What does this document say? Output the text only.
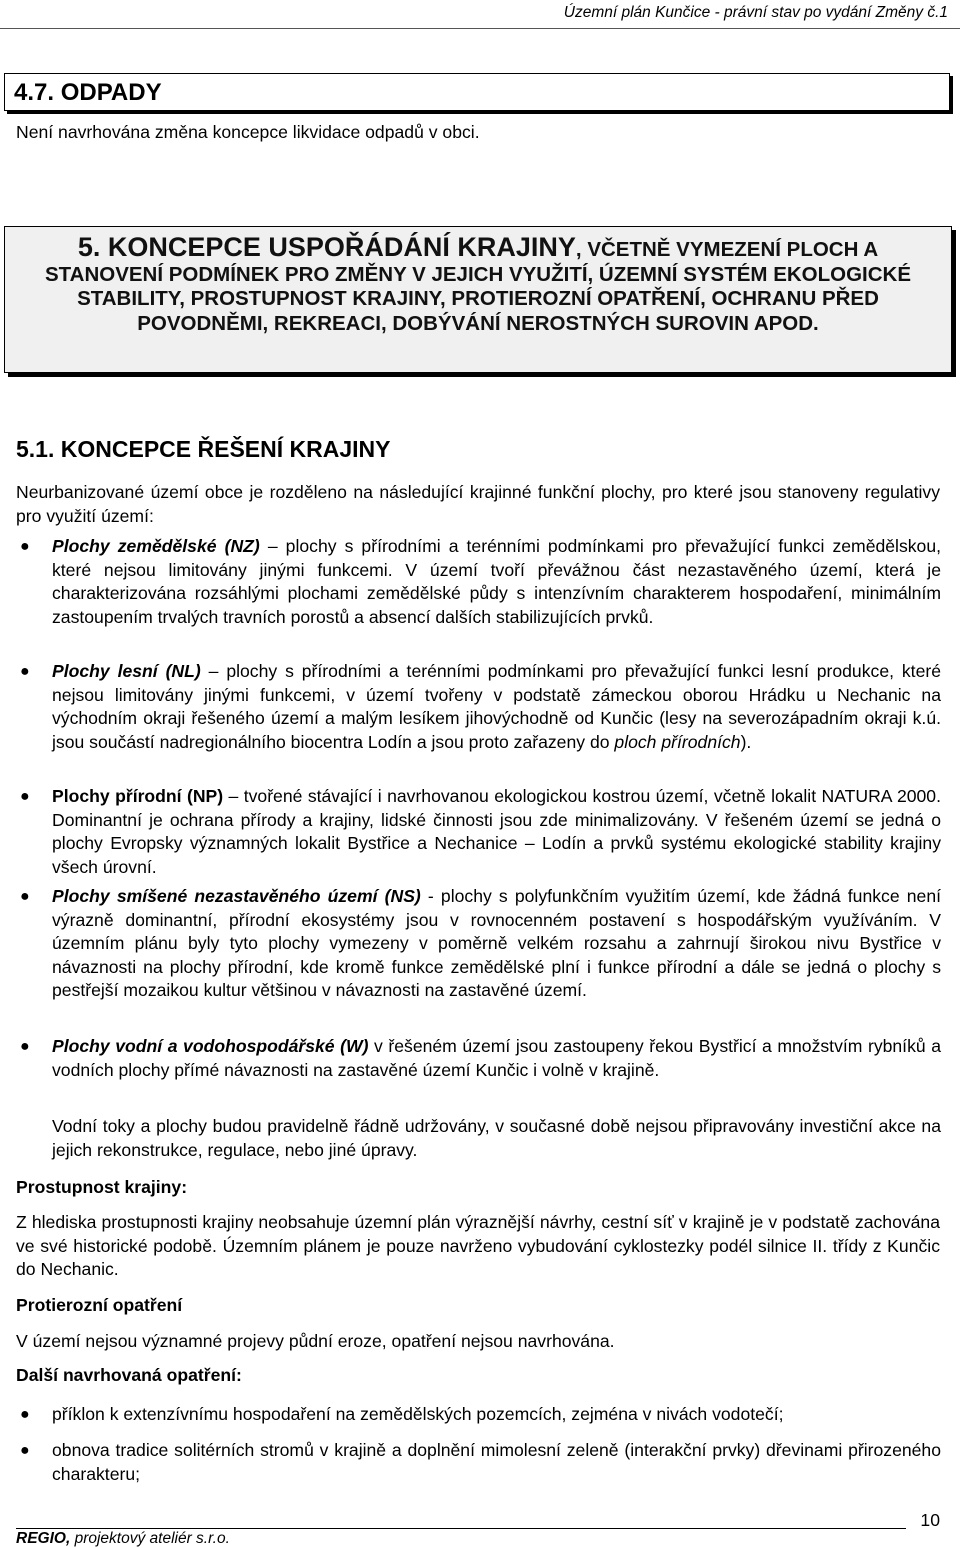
Územní plán Kunčice - právní stav po vydání Změny č.1
4.7. ODPADY
Není navrhována změna koncepce likvidace odpadů v obci.
5. KONCEPCE USPOŘÁDÁNÍ KRAJINY, VČETNĚ VYMEZENÍ PLOCH A STANOVENÍ PODMÍNEK PRO ZMĚNY V JEJICH VYUŽITÍ, ÚZEMNÍ SYSTÉM EKOLOGICKÉ STABILITY, PROSTUPNOST KRAJINY, PROTIEROZNÍ OPATŘENÍ, OCHRANU PŘED POVODNĚMI, REKREACI, DOBÝVÁNÍ NEROSTNÝCH SUROVIN APOD.
5.1. KONCEPCE ŘEŠENÍ KRAJINY
Neurbanizované území obce je rozděleno na následující krajinné funkční plochy, pro které jsou stanoveny regulativy pro využití území:
● Plochy zemědělské (NZ) – plochy s přírodními a terénními podmínkami pro převažující funkci zemědělskou, které nejsou limitovány jinými funkcemi. V území tvoří převážnou část nezastavěného území, která je charakterizována rozsáhlými plochami zemědělské půdy s intenzívním charakterem hospodaření, minimálním zastoupením trvalých travních porostů a absencí dalších stabilizujících prvků.
● Plochy lesní (NL) – plochy s přírodními a terénními podmínkami pro převažující funkci lesní produkce, které nejsou limitovány jinými funkcemi, v území tvořeny v podstatě zámeckou oborou Hrádku u Nechanic na východním okraji řešeného území a malým lesíkem jihovýchodně od Kunčic (lesy na severozápadním okraji k.ú. jsou součástí nadregionálního biocentra Lodín a jsou proto zařazeny do ploch přírodních).
● Plochy přírodní (NP) – tvořené stávající i navrhovanou ekologickou kostrou území, včetně lokalit NATURA 2000. Dominantní je ochrana přírody a krajiny, lidské činnosti jsou zde minimalizovány. V řešeném území se jedná o plochy Evropsky významných lokalit Bystřice a Nechanice – Lodín a prvků systému ekologické stability krajiny všech úrovní.
● Plochy smíšené nezastavěného území (NS) - plochy s polyfunkčním využitím území, kde žádná funkce není výrazně dominantní, přírodní ekosystémy jsou v rovnocenném postavení s hospodářským využíváním. V územním plánu byly tyto plochy vymezeny v poměrně velkém rozsahu a zahrnují širokou nivu Bystřice v návaznosti na plochy přírodní, kde kromě funkce zemědělské plní i funkce přírodní a dále se jedná o plochy s pestřejší mozaikou kultur většinou v návaznosti na zastavěné území.
● Plochy vodní a vodohospodářské (W) v řešeném území jsou zastoupeny řekou Bystřicí a množstvím rybníků a vodních plochy přímé návaznosti na zastavěné území Kunčic i volně v krajině.
Vodní toky a plochy budou pravidelně řádně udržovány, v současné době nejsou připravovány investiční akce na jejich rekonstrukce, regulace, nebo jiné úpravy.
Prostupnost krajiny:
Z hlediska prostupnosti krajiny neobsahuje územní plán výraznější návrhy, cestní síť v krajině je v podstatě zachována ve své historické podobě. Územním plánem je pouze navrženo vybudování cyklostezky podél silnice II. třídy z Kunčic do Nechanic.
Protierozní opatření
V území nejsou významné projevy půdní eroze, opatření nejsou navrhována.
Další navrhovaná opatření:
● příklon k extenzívnímu hospodaření na zemědělských pozemcích, zejména v nivách vodotečí;
● obnova tradice solitérních stromů v krajině a doplnění mimolesní zeleně (interakční prvky) dřevinami přirozeného charakteru;
10
REGIO, projektový ateliér s.r.o.
